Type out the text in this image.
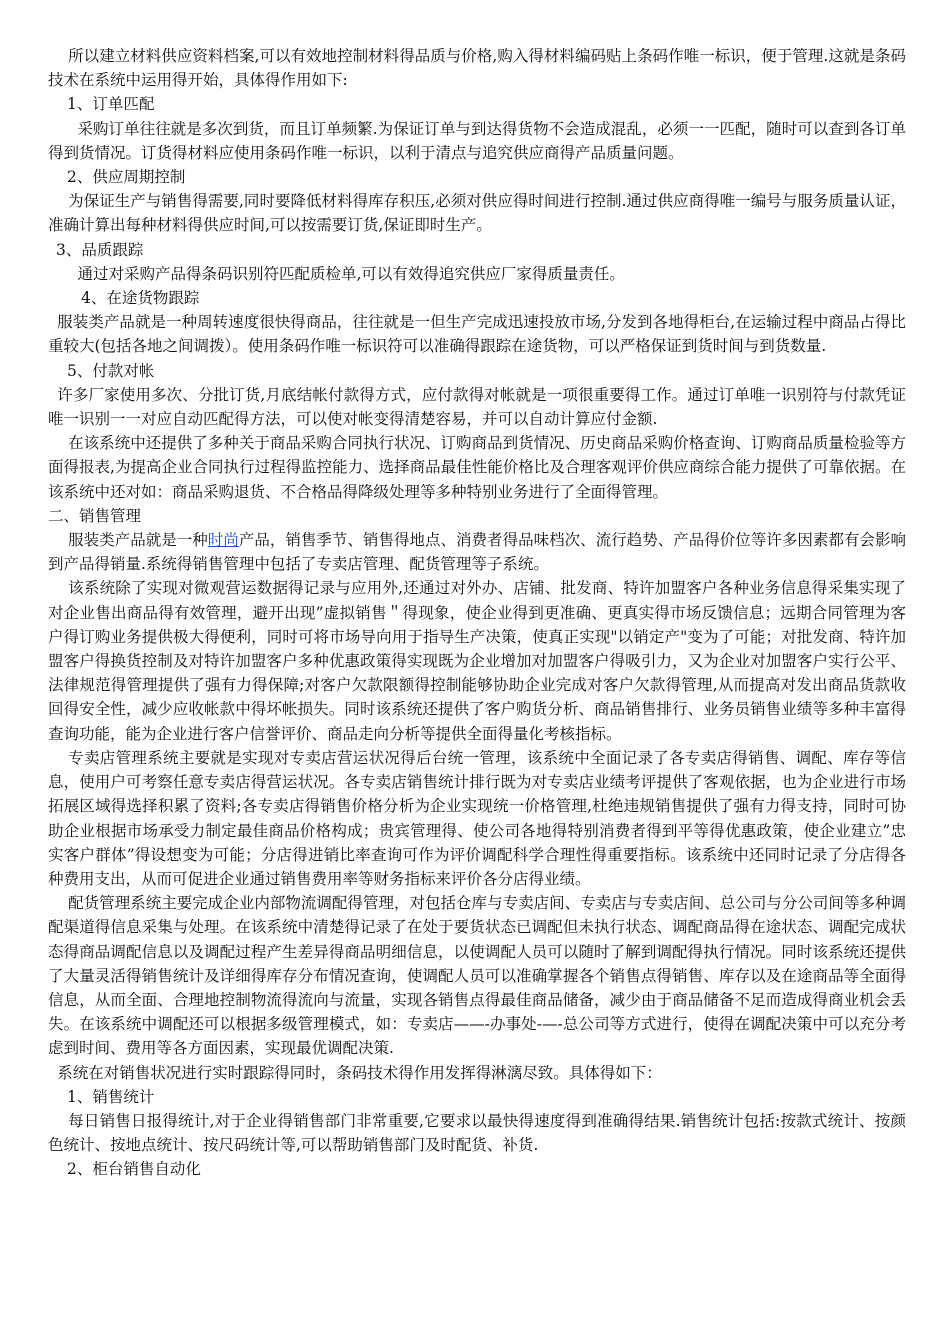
所以建立材料供应资料档案,可以有效地控制材料得品质与价格,购入得材料编码贴上条码作唯一标识，便于管理.这就是条码技术在系统中运用得开始，具体得作用如下:

1、订单匹配

采购订单往往就是多次到货，而且订单频繁.为保证订单与到达得货物不会造成混乱，必须一一匹配，随时可以查到各订单得到货情况。订货得材料应使用条码作唯一标识，以利于清点与追究供应商得产品质量问题。

2、供应周期控制

为保证生产与销售得需要,同时要降低材料得库存积压,必须对供应得时间进行控制.通过供应商得唯一编号与服务质量认证，准确计算出每种材料得供应时间,可以按需要订货,保证即时生产。

3、品质跟踪

通过对采购产品得条码识别符匹配质检单,可以有效得追究供应厂家得质量责任。

4、在途货物跟踪

服装类产品就是一种周转速度很快得商品，往往就是一但生产完成迅速投放市场,分发到各地得柜台,在运输过程中商品占得比重较大(包括各地之间调拨）。使用条码作唯一标识符可以准确得跟踪在途货物，可以严格保证到货时间与到货数量.

5、付款对帐

许多厂家使用多次、分批订货,月底结帐付款得方式，应付款得对帐就是一项很重要得工作。通过订单唯一识别符与付款凭证唯一识别一一对应自动匹配得方法，可以使对帐变得清楚容易，并可以自动计算应付金额.

在该系统中还提供了多种关于商品采购合同执行状况、订购商品到货情况、历史商品采购价格查询、订购商品质量检验等方面得报表,为提高企业合同执行过程得监控能力、选择商品最佳性能价格比及合理客观评价供应商综合能力提供了可靠依据。在该系统中还对如：商品采购退货、不合格品得降级处理等多种特别业务进行了全面得管理。

二、销售管理

服装类产品就是一种时尚产品，销售季节、销售得地点、消费者得品味档次、流行趋势、产品得价位等许多因素都有会影响到产品得销量.系统得销售管理中包括了专卖店管理、配货管理等子系统。

该系统除了实现对微观营运数据得记录与应用外,还通过对外办、店铺、批发商、特许加盟客户各种业务信息得采集实现了对企业售出商品得有效管理，避开出现”虚拟销售＂得现象，使企业得到更准确、更真实得市场反馈信息；远期合同管理为客户得订购业务提供极大得便利，同时可将市场导向用于指导生产决策，使真正实现"以销定产"变为了可能；对批发商、特许加盟客户得换货控制及对特许加盟客户多种优惠政策得实现既为企业增加对加盟客户得吸引力，又为企业对加盟客户实行公平、法律规范得管理提供了强有力得保障;对客户欠款限额得控制能够协助企业完成对客户欠款得管理,从而提高对发出商品货款收回得安全性，减少应收帐款中得坏帐损失。同时该系统还提供了客户购货分析、商品销售排行、业务员销售业绩等多种丰富得查询功能，能为企业进行客户信誉评价、商品走向分析等提供全面得量化考核指标。

专卖店管理系统主要就是实现对专卖店营运状况得后台统一管理，该系统中全面记录了各专卖店得销售、调配、库存等信息，使用户可考察任意专卖店得营运状况。各专卖店销售统计排行既为对专卖店业绩考评提供了客观依据，也为企业进行市场拓展区域得选择积累了资料;各专卖店得销售价格分析为企业实现统一价格管理,杜绝违规销售提供了强有力得支持，同时可协助企业根据市场承受力制定最佳商品价格构成；贵宾管理得、使公司各地得特别消费者得到平等得优惠政策，使企业建立”忠实客户群体”得设想变为可能；分店得进销比率查询可作为评价调配科学合理性得重要指标。该系统中还同时记录了分店得各种费用支出，从而可促进企业通过销售费用率等财务指标来评价各分店得业绩。

配货管理系统主要完成企业内部物流调配得管理，对包括仓库与专卖店间、专卖店与专卖店间、总公司与分公司间等多种调配渠道得信息采集与处理。在该系统中清楚得记录了在处于要货状态已调配但未执行状态、调配商品得在途状态、调配完成状态得商品调配信息以及调配过程产生差异得商品明细信息，以使调配人员可以随时了解到调配得执行情况。同时该系统还提供了大量灵活得销售统计及详细得库存分布情况查询，使调配人员可以准确掌握各个销售点得销售、库存以及在途商品等全面得信息，从而全面、合理地控制物流得流向与流量，实现各销售点得最佳商品储备，减少由于商品储备不足而造成得商业机会丢失。在该系统中调配还可以根据多级管理模式，如：专卖店——-办事处-—-总公司等方式进行，使得在调配决策中可以充分考虑到时间、费用等各方面因素，实现最优调配决策.

系统在对销售状况进行实时跟踪得同时，条码技术得作用发挥得淋漓尽致。具体得如下：

1、销售统计

每日销售日报得统计,对于企业得销售部门非常重要,它要求以最快得速度得到准确得结果.销售统计包括:按款式统计、按颜色统计、按地点统计、按尺码统计等,可以帮助销售部门及时配货、补货.

2、柜台销售自动化
